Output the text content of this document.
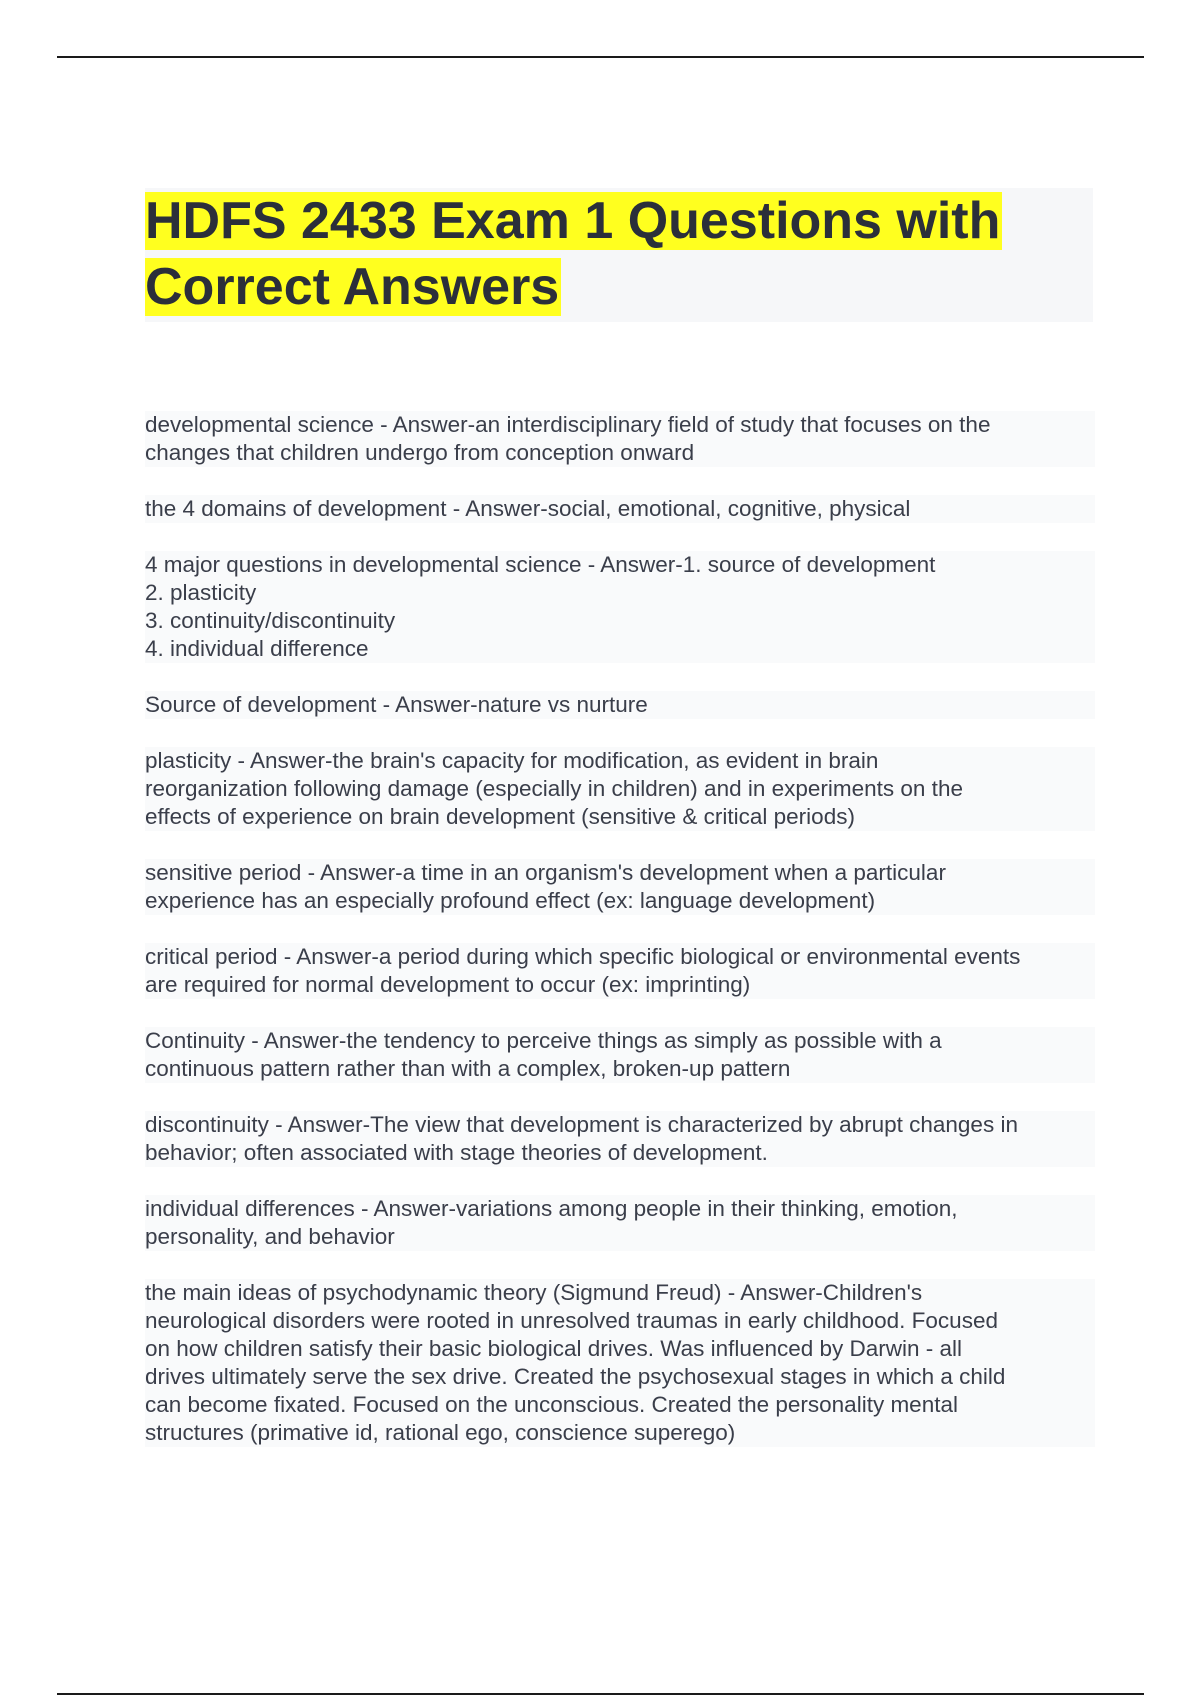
HDFS 2433 Exam 1 Questions with
Correct Answers

developmental science - Answer-an interdisciplinary field of study that focuses on the
changes that children undergo from conception onward

the 4 domains of development - Answer-social, emotional, cognitive, physical

4 major questions in developmental science - Answer-1. source of development
2. plasticity
3. continuity/discontinuity
4. individual difference

Source of development - Answer-nature vs nurture

plasticity - Answer-the brain's capacity for modification, as evident in brain
reorganization following damage (especially in children) and in experiments on the
effects of experience on brain development (sensitive & critical periods)

sensitive period - Answer-a time in an organism's development when a particular
experience has an especially profound effect (ex: language development)

critical period - Answer-a period during which specific biological or environmental events
are required for normal development to occur (ex: imprinting)

Continuity - Answer-the tendency to perceive things as simply as possible with a
continuous pattern rather than with a complex, broken-up pattern

discontinuity - Answer-The view that development is characterized by abrupt changes in
behavior; often associated with stage theories of development.

individual differences - Answer-variations among people in their thinking, emotion,
personality, and behavior

the main ideas of psychodynamic theory (Sigmund Freud) - Answer-Children's
neurological disorders were rooted in unresolved traumas in early childhood. Focused
on how children satisfy their basic biological drives. Was influenced by Darwin - all
drives ultimately serve the sex drive. Created the psychosexual stages in which a child
can become fixated. Focused on the unconscious. Created the personality mental
structures (primative id, rational ego, conscience superego)
